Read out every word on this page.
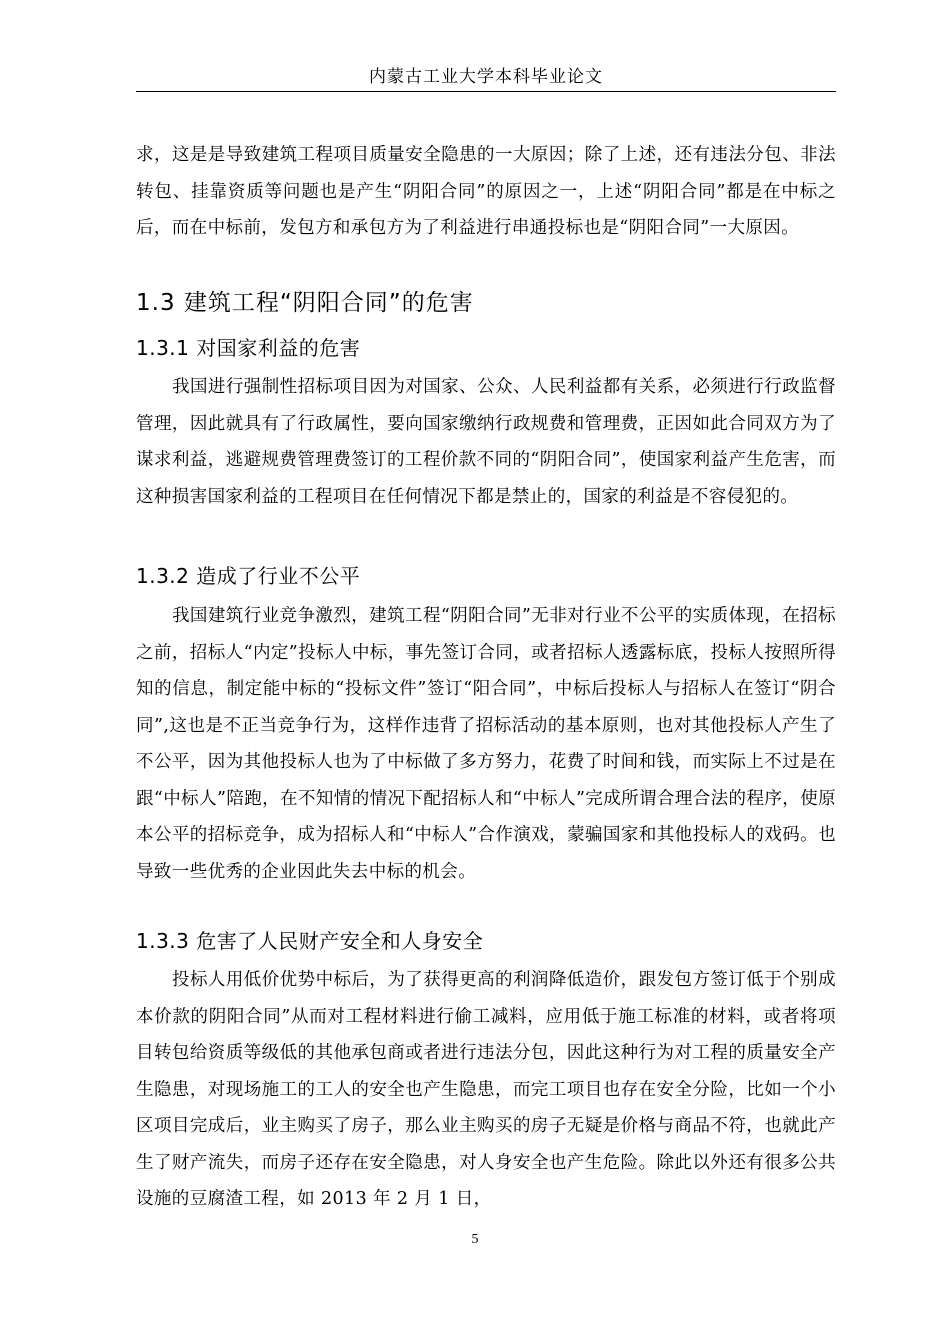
内蒙古工业大学本科毕业论文
求，这是是导致建筑工程项目质量安全隐患的一大原因；除了上述，还有违法分包、非法转包、挂靠资质等问题也是产生“阴阳合同”的原因之一，上述“阴阳合同”都是在中标之后，而在中标前，发包方和承包方为了利益进行串通投标也是“阴阳合同”一大原因。
1.3 建筑工程“阴阳合同”的危害
1.3.1 对国家利益的危害
我国进行强制性招标项目因为对国家、公众、人民利益都有关系，必须进行行政监督管理，因此就具有了行政属性，要向国家缴纳行政规费和管理费，正因如此合同双方为了谋求利益，逃避规费管理费签订的工程价款不同的“阴阳合同”，使国家利益产生危害，而这种损害国家利益的工程项目在任何情况下都是禁止的，国家的利益是不容侵犯的。
1.3.2 造成了行业不公平
我国建筑行业竞争激烈，建筑工程“阴阳合同”无非对行业不公平的实质体现，在招标之前，招标人“内定”投标人中标，事先签订合同，或者招标人透露标底，投标人按照所得知的信息，制定能中标的“投标文件”签订“阳合同”，中标后投标人与招标人在签订“阴合同”,这也是不正当竞争行为，这样作违背了招标活动的基本原则，也对其他投标人产生了不公平，因为其他投标人也为了中标做了多方努力，花费了时间和钱，而实际上不过是在跟“中标人”陪跑，在不知情的情况下配招标人和“中标人”完成所谓合理合法的程序，使原本公平的招标竞争，成为招标人和“中标人”合作演戏，蒙骗国家和其他投标人的戏码。也导致一些优秀的企业因此失去中标的机会。
1.3.3 危害了人民财产安全和人身安全
投标人用低价优势中标后，为了获得更高的利润降低造价，跟发包方签订低于个别成本价款的阴阳合同”从而对工程材料进行偷工减料，应用低于施工标准的材料，或者将项目转包给资质等级低的其他承包商或者进行违法分包，因此这种行为对工程的质量安全产生隐患，对现场施工的工人的安全也产生隐患，而完工项目也存在安全分险，比如一个小区项目完成后，业主购买了房子，那么业主购买的房子无疑是价格与商品不符，也就此产生了财产流失，而房子还存在安全隐患，对人身安全也产生危险。除此以外还有很多公共设施的豆腐渣工程，如 2013 年 2 月 1 日，
5
